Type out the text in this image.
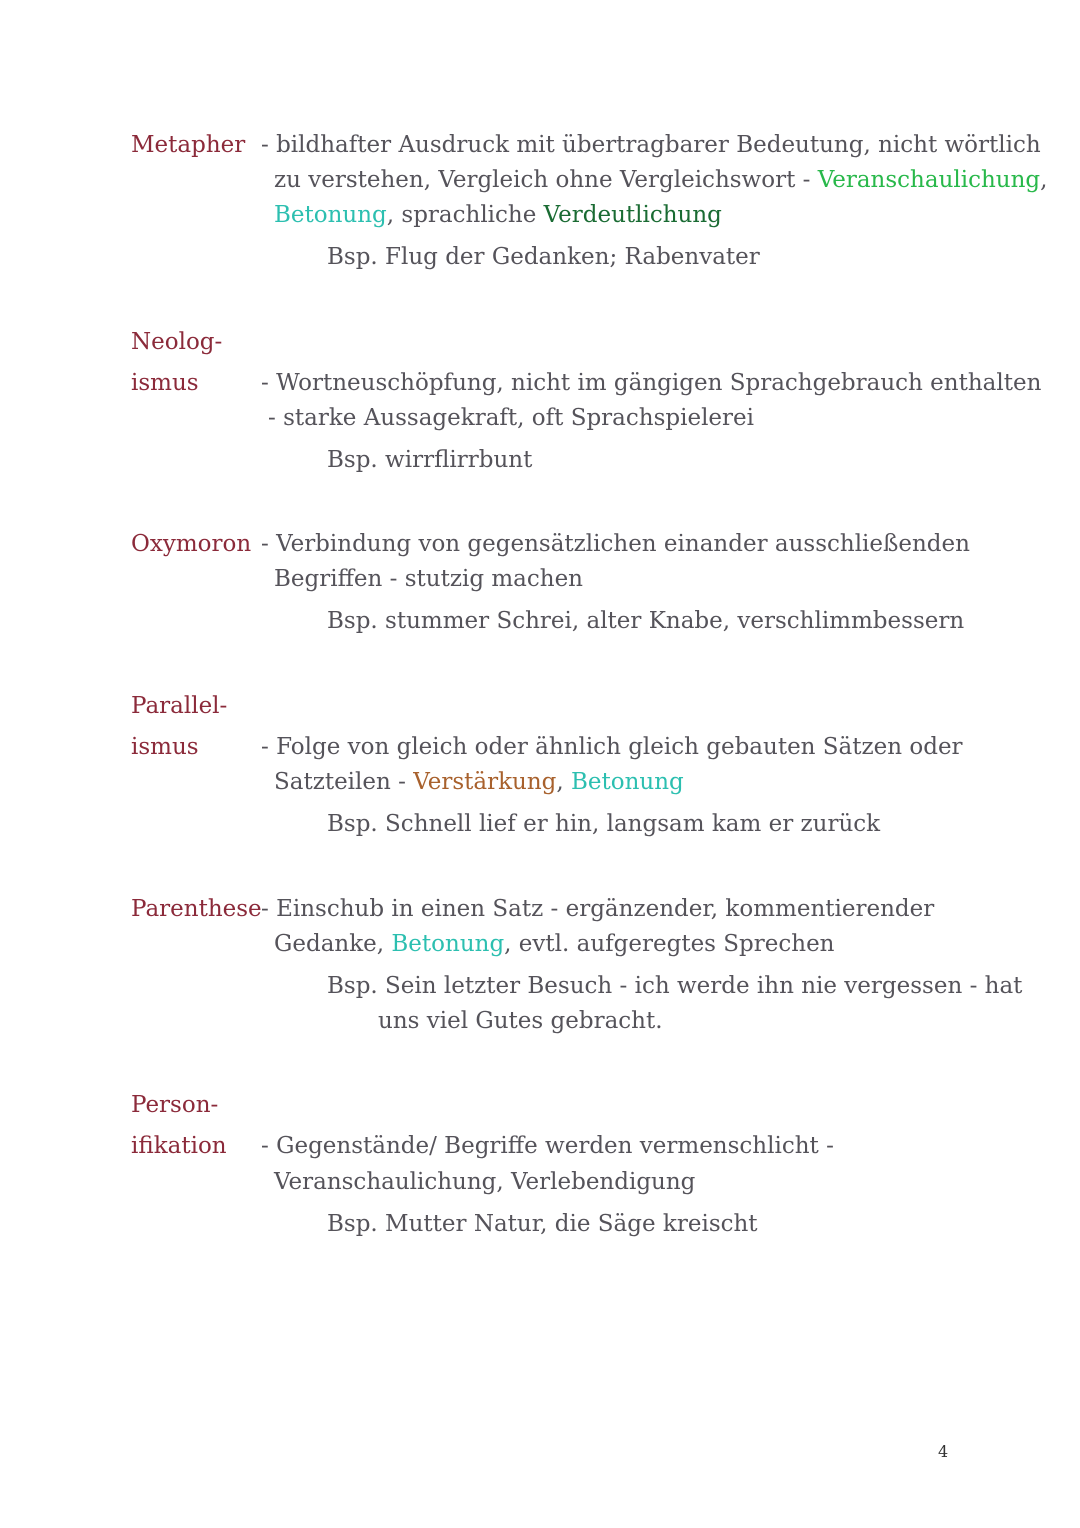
Metapher - bildhafter Ausdruck mit übertragbarer Bedeutung, nicht wörtlich
zu verstehen, Vergleich ohne Vergleichswort - Veranschaulichung,
Betonung, sprachliche Verdeutlichung
Bsp. Flug der Gedanken; Rabenvater
Neolog-
ismus	- Wortneuschöpfung, nicht im gängigen Sprachgebrauch enthalten
- starke Aussagekraft, oft Sprachspielerei
Bsp. wirrflirrbunt
Oxymoron - Verbindung von gegensätzlichen einander ausschließenden
Begriffen - stutzig machen
Bsp. stummer Schrei, alter Knabe, verschlimmbessern
Parallel-
ismus	- Folge von gleich oder ähnlich gleich gebauten Sätzen oder
Satzteilen - Verstärkung, Betonung
Bsp. Schnell lief er hin, langsam kam er zurück
Parenthese - Einschub in einen Satz - ergänzender, kommentierender
Gedanke, Betonung, evtl. aufgeregtes Sprechen
Bsp. Sein letzter Besuch - ich werde ihn nie vergessen - hat
uns viel Gutes gebracht.
Person-
ifikation - Gegenstände/ Begriffe werden vermenschlicht -
Veranschaulichung, Verlebendigung
Bsp. Mutter Natur, die Säge kreischt
4
